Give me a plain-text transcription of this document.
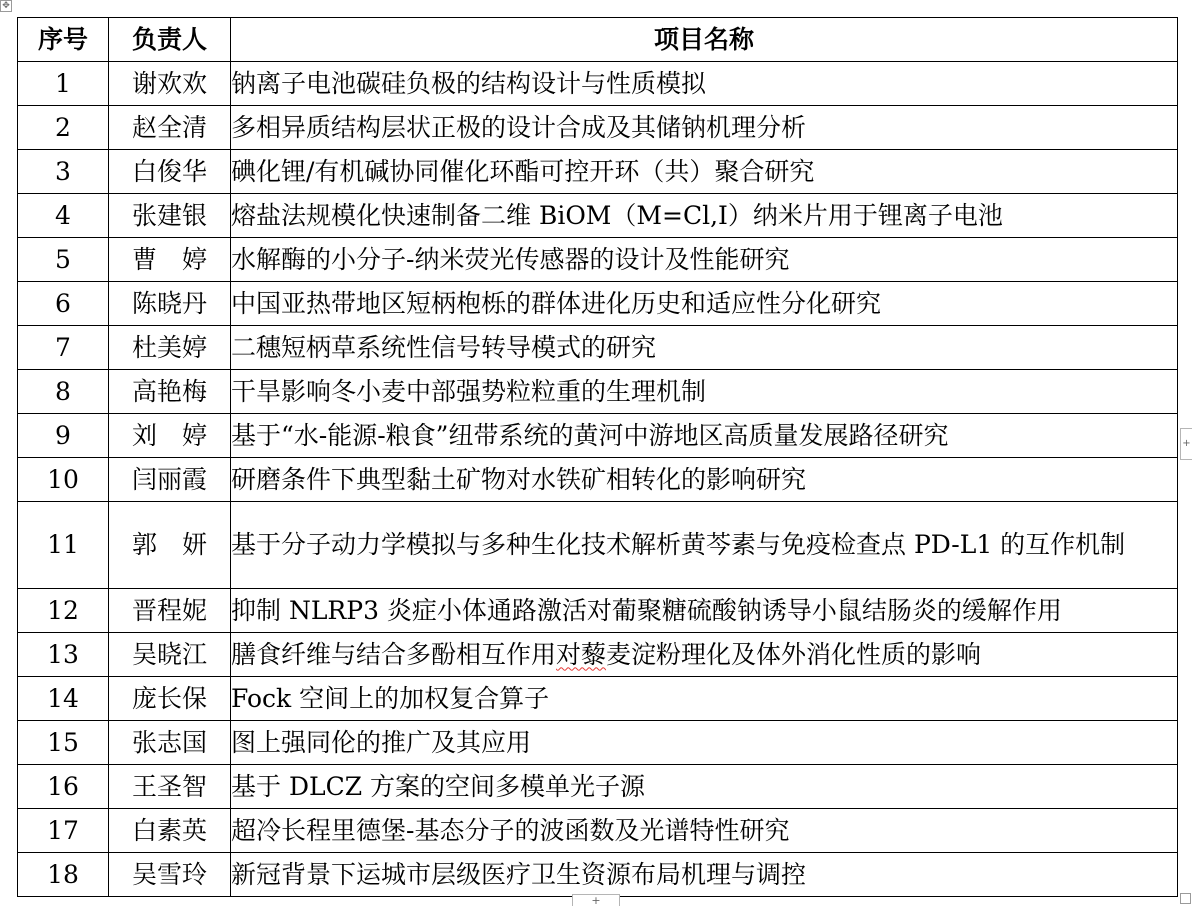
✥
序号	负责人	项目名称
1	谢欢欢	钠离子电池碳硅负极的结构设计与性质模拟
2	赵全清	多相异质结构层状正极的设计合成及其储钠机理分析
3	白俊华	碘化锂/有机碱协同催化环酯可控开环（共）聚合研究
4	张建银	熔盐法规模化快速制备二维 BiOM（M=Cl,I）纳米片用于锂离子电池
5	曹　婷	水解酶的小分子-纳米荧光传感器的设计及性能研究
6	陈晓丹	中国亚热带地区短柄枹栎的群体进化历史和适应性分化研究
7	杜美婷	二穗短柄草系统性信号转导模式的研究
8	高艳梅	干旱影响冬小麦中部强势粒粒重的生理机制
9	刘　婷	基于“水-能源-粮食”纽带系统的黄河中游地区高质量发展路径研究
10	闫丽霞	研磨条件下典型黏土矿物对水铁矿相转化的影响研究
11	郭　妍	基于分子动力学模拟与多种生化技术解析黄芩素与免疫检查点 PD-L1 的互作机制
12	晋程妮	抑制 NLRP3 炎症小体通路激活对葡聚糖硫酸钠诱导小鼠结肠炎的缓解作用
13	吴晓江	膳食纤维与结合多酚相互作用对藜麦淀粉理化及体外消化性质的影响
14	庞长保	Fock 空间上的加权复合算子
15	张志国	图上强同伦的推广及其应用
16	王圣智	基于 DLCZ 方案的空间多模单光子源
17	白素英	超冷长程里德堡-基态分子的波函数及光谱特性研究
18	吴雪玲	新冠背景下运城市层级医疗卫生资源布局机理与调控
+
+
